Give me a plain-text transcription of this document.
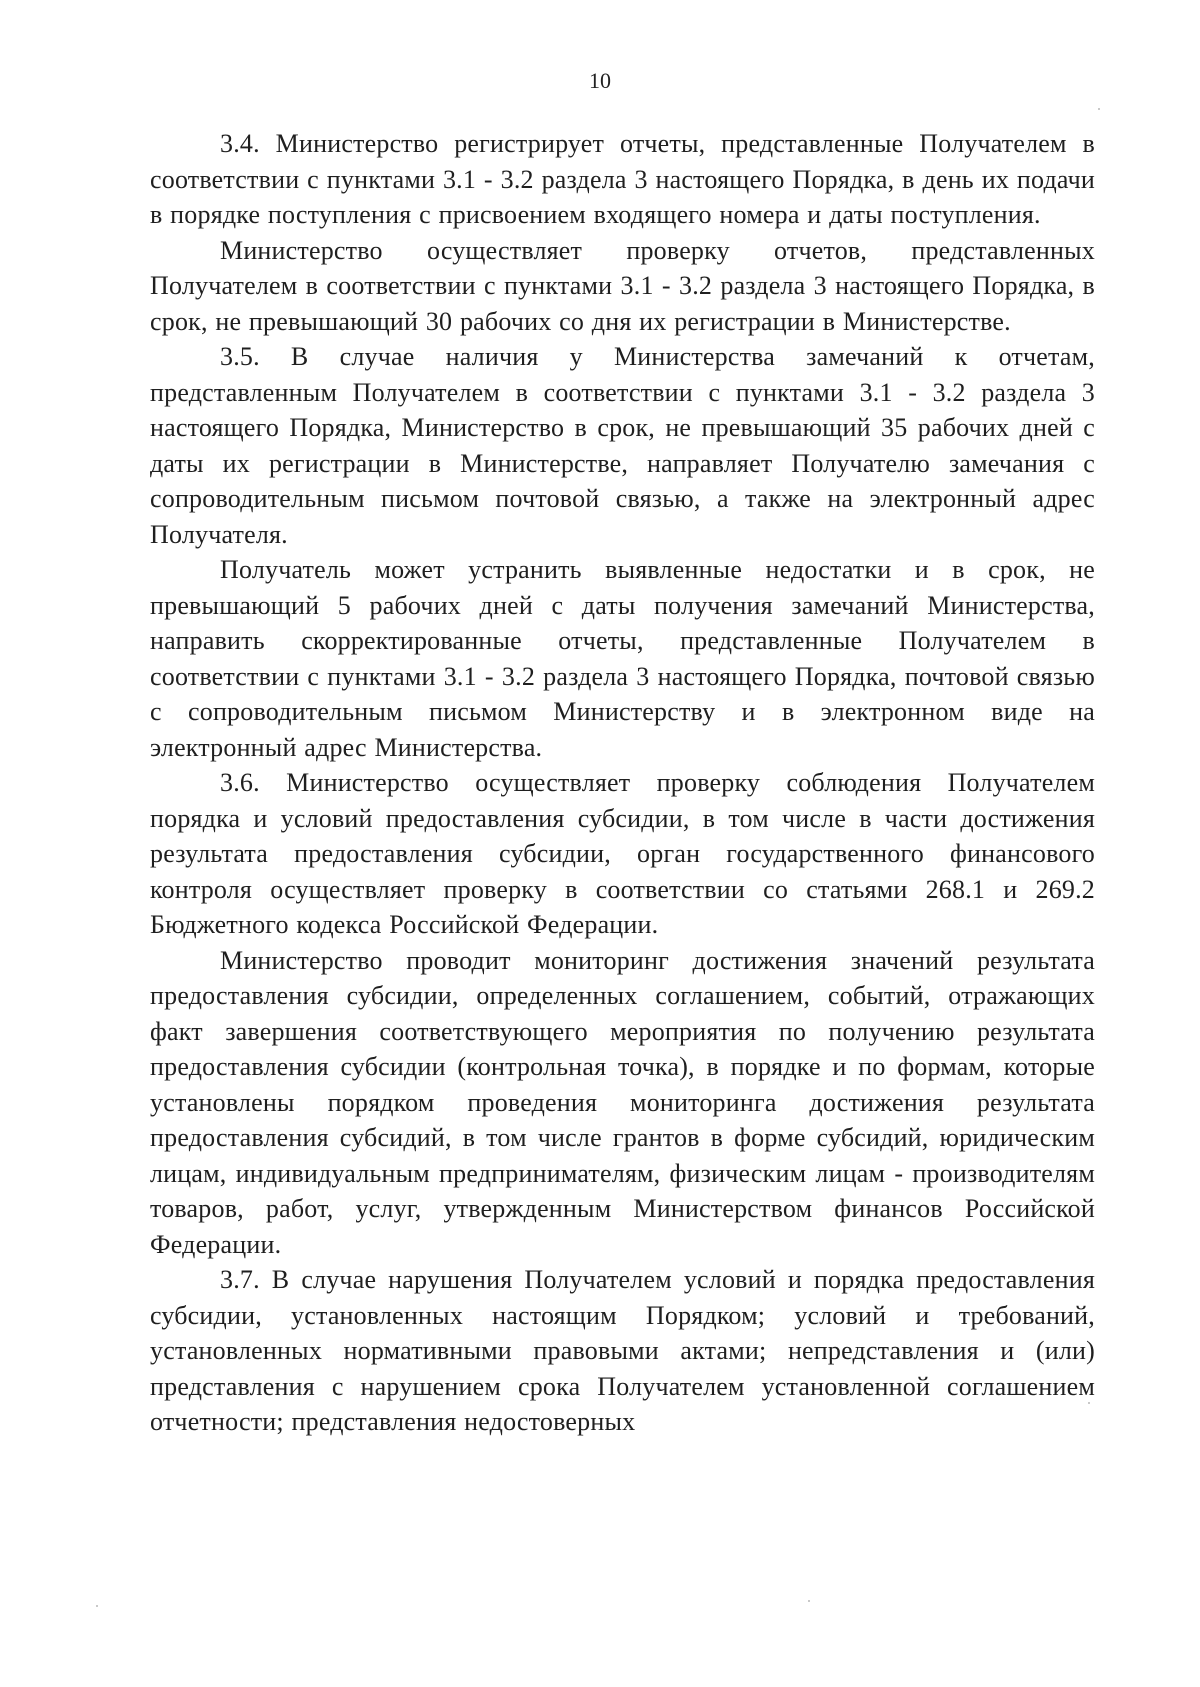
10

3.4. Министерство регистрирует отчеты, представленные Получателем в соответствии с пунктами 3.1 - 3.2 раздела 3 настоящего Порядка, в день их подачи в порядке поступления с присвоением входящего номера и даты поступления.

Министерство осуществляет проверку отчетов, представленных Получателем в соответствии с пунктами 3.1 - 3.2 раздела 3 настоящего Порядка, в срок, не превышающий 30 рабочих со дня их регистрации в Министерстве.

3.5. В случае наличия у Министерства замечаний к отчетам, представленным Получателем в соответствии с пунктами 3.1 - 3.2 раздела 3 настоящего Порядка, Министерство в срок, не превышающий 35 рабочих дней с даты их регистрации в Министерстве, направляет Получателю замечания с сопроводительным письмом почтовой связью, а также на электронный адрес Получателя.

Получатель может устранить выявленные недостатки и в срок, не превышающий 5 рабочих дней с даты получения замечаний Министерства, направить скорректированные отчеты, представленные Получателем в соответствии с пунктами 3.1 - 3.2 раздела 3 настоящего Порядка, почтовой связью с сопроводительным письмом Министерству и в электронном виде на электронный адрес Министерства.

3.6. Министерство осуществляет проверку соблюдения Получателем порядка и условий предоставления субсидии, в том числе в части достижения результата предоставления субсидии, орган государственного финансового контроля осуществляет проверку в соответствии со статьями 268.1 и 269.2 Бюджетного кодекса Российской Федерации.

Министерство проводит мониторинг достижения значений результата предоставления субсидии, определенных соглашением, событий, отражающих факт завершения соответствующего мероприятия по получению результата предоставления субсидии (контрольная точка), в порядке и по формам, которые установлены порядком проведения мониторинга достижения результата предоставления субсидий, в том числе грантов в форме субсидий, юридическим лицам, индивидуальным предпринимателям, физическим лицам - производителям товаров, работ, услуг, утвержденным Министерством финансов Российской Федерации.

3.7. В случае нарушения Получателем условий и порядка предоставления субсидии, установленных настоящим Порядком; условий и требований, установленных нормативными правовыми актами; непредставления и (или) представления с нарушением срока Получателем установленной соглашением отчетности; представления недостоверных
